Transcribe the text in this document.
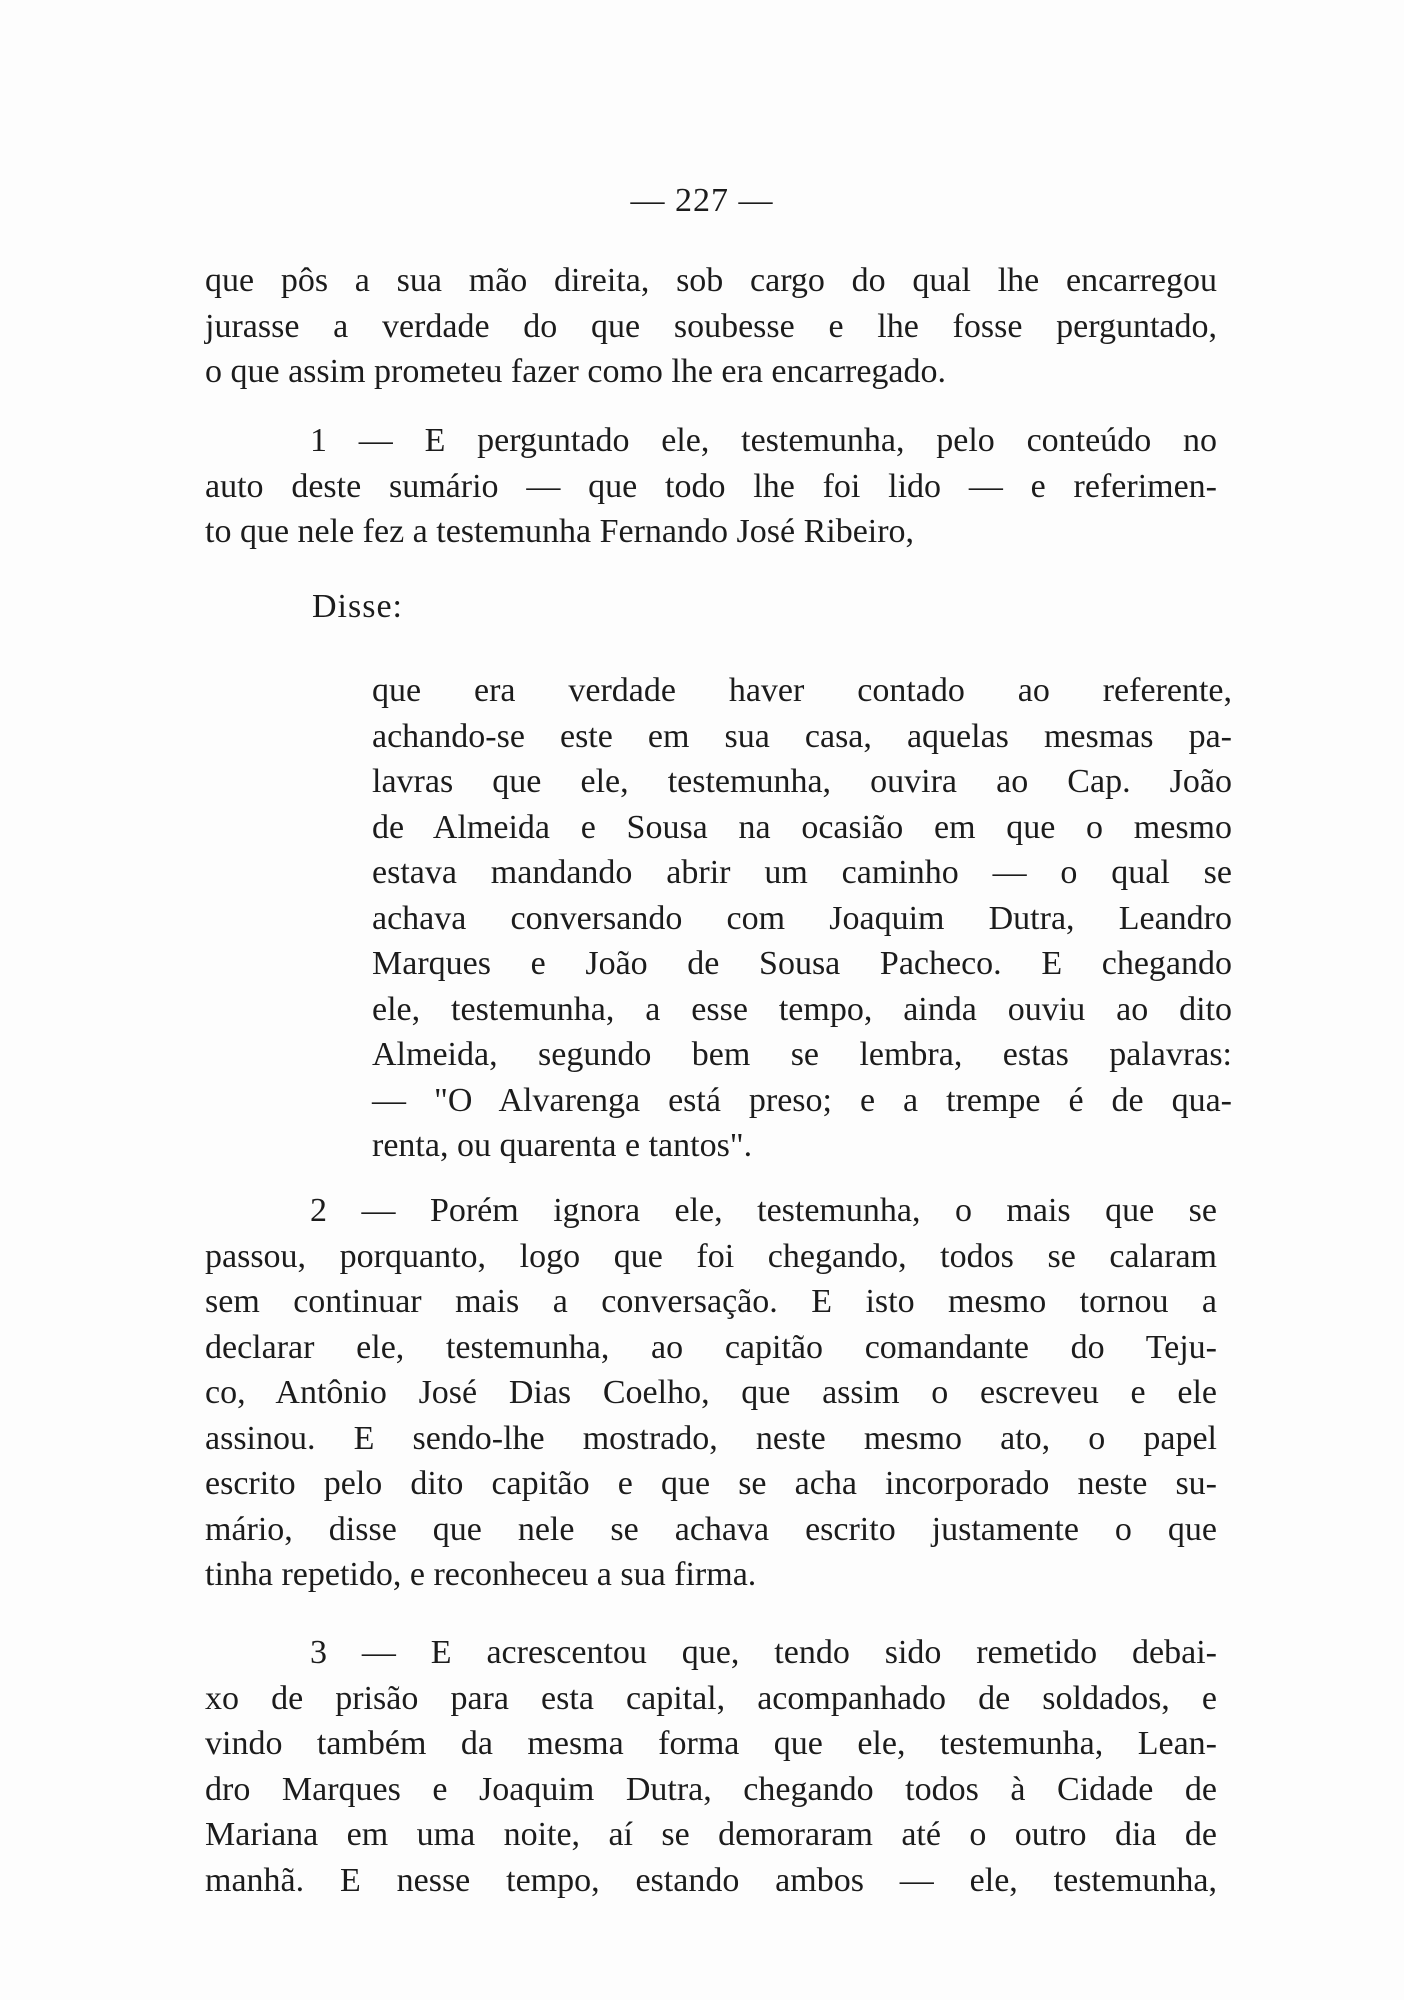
— 227 —
que pôs a sua mão direita, sob cargo do qual lhe encarregou
jurasse a verdade do que soubesse e lhe fosse perguntado,
o que assim prometeu fazer como lhe era encarregado.
1 — E perguntado ele, testemunha, pelo conteúdo no
auto deste sumário — que todo lhe foi lido — e referimen-
to que nele fez a testemunha Fernando José Ribeiro,
Disse:
que era verdade haver contado ao referente,
achando-se este em sua casa, aquelas mesmas pa-
lavras que ele, testemunha, ouvira ao Cap. João
de Almeida e Sousa na ocasião em que o mesmo
estava mandando abrir um caminho — o qual se
achava conversando com Joaquim Dutra, Leandro
Marques e João de Sousa Pacheco. E chegando
ele, testemunha, a esse tempo, ainda ouviu ao dito
Almeida, segundo bem se lembra, estas palavras:
— "O Alvarenga está preso; e a trempe é de qua-
renta, ou quarenta e tantos".
2 — Porém ignora ele, testemunha, o mais que se
passou, porquanto, logo que foi chegando, todos se calaram
sem continuar mais a conversação. E isto mesmo tornou a
declarar ele, testemunha, ao capitão comandante do Teju-
co, Antônio José Dias Coelho, que assim o escreveu e ele
assinou. E sendo-lhe mostrado, neste mesmo ato, o papel
escrito pelo dito capitão e que se acha incorporado neste su-
mário, disse que nele se achava escrito justamente o que
tinha repetido, e reconheceu a sua firma.
3 — E acrescentou que, tendo sido remetido debai-
xo de prisão para esta capital, acompanhado de soldados, e
vindo também da mesma forma que ele, testemunha, Lean-
dro Marques e Joaquim Dutra, chegando todos à Cidade de
Mariana em uma noite, aí se demoraram até o outro dia de
manhã. E nesse tempo, estando ambos — ele, testemunha,
